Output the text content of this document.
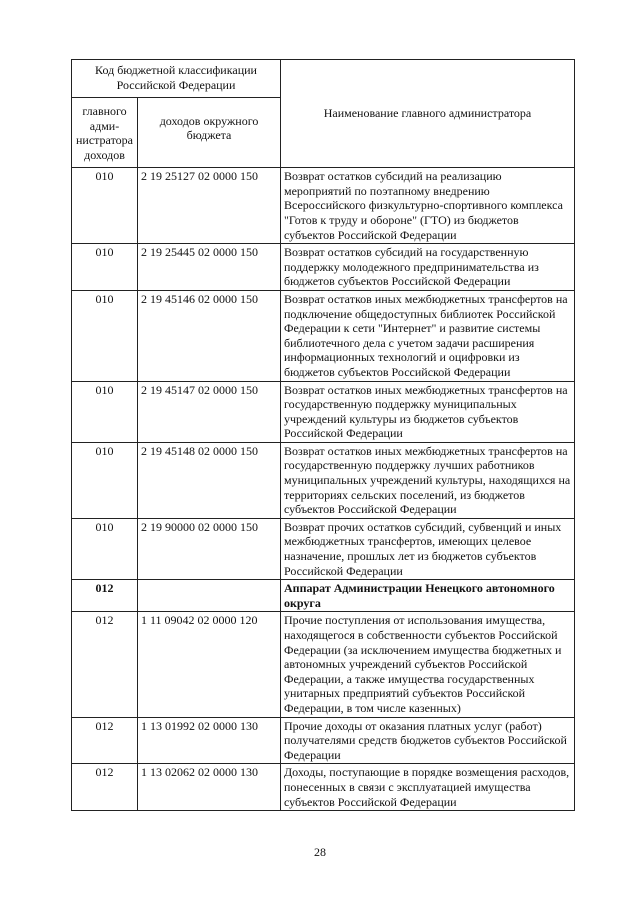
Код бюджетной классификации Российской Федерации		Наименование главного администратора
главного адми-нистратора доходов	доходов окружного бюджета	
010	2 19 25127 02 0000 150	Возврат остатков субсидий на реализацию мероприятий по поэтапному внедрению Всероссийского физкультурно-спортивного комплекса "Готов к труду и обороне" (ГТО) из бюджетов субъектов Российской Федерации
010	2 19 25445 02 0000 150	Возврат остатков субсидий на государственную поддержку молодежного предпринимательства из бюджетов субъектов Российской Федерации
010	2 19 45146 02 0000 150	Возврат остатков иных межбюджетных трансфертов на подключение общедоступных библиотек Российской Федерации к сети "Интернет" и развитие системы библиотечного дела с учетом задачи расширения информационных технологий и оцифровки из бюджетов субъектов Российской Федерации
010	2 19 45147 02 0000 150	Возврат остатков иных межбюджетных трансфертов на государственную поддержку муниципальных учреждений культуры из бюджетов субъектов Российской Федерации
010	2 19 45148 02 0000 150	Возврат остатков иных межбюджетных трансфертов на государственную поддержку лучших работников муниципальных учреждений культуры, находящихся на территориях сельских поселений, из бюджетов субъектов Российской Федерации
010	2 19 90000 02 0000 150	Возврат прочих остатков субсидий, субвенций и иных межбюджетных трансфертов, имеющих целевое назначение, прошлых лет из бюджетов субъектов Российской Федерации
012		Аппарат Администрации Ненецкого автономного округа
012	1 11 09042 02 0000 120	Прочие поступления от использования имущества, находящегося в собственности субъектов Российской Федерации (за исключением имущества бюджетных и автономных учреждений субъектов Российской Федерации, а также имущества государственных унитарных предприятий субъектов Российской Федерации, в том числе казенных)
012	1 13 01992 02 0000 130	Прочие доходы от оказания платных услуг (работ) получателями средств бюджетов субъектов Российской Федерации
012	1 13 02062 02 0000 130	Доходы, поступающие в порядке возмещения расходов, понесенных в связи с эксплуатацией имущества субъектов Российской Федерации
28
